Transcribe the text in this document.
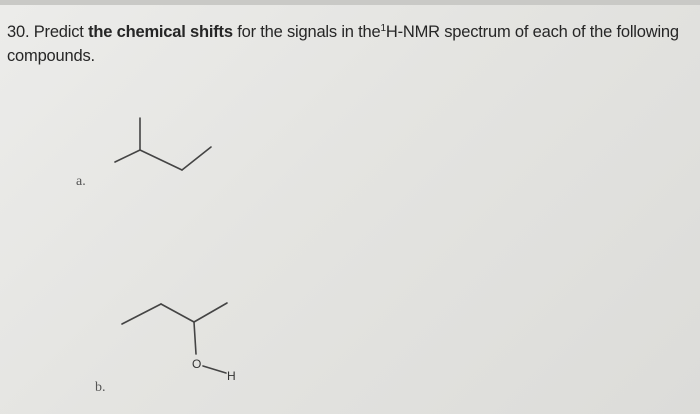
30. Predict the chemical shifts for the signals in the$^1$H-NMR spectrum of each of the following compounds.
O
H
a.
b.
